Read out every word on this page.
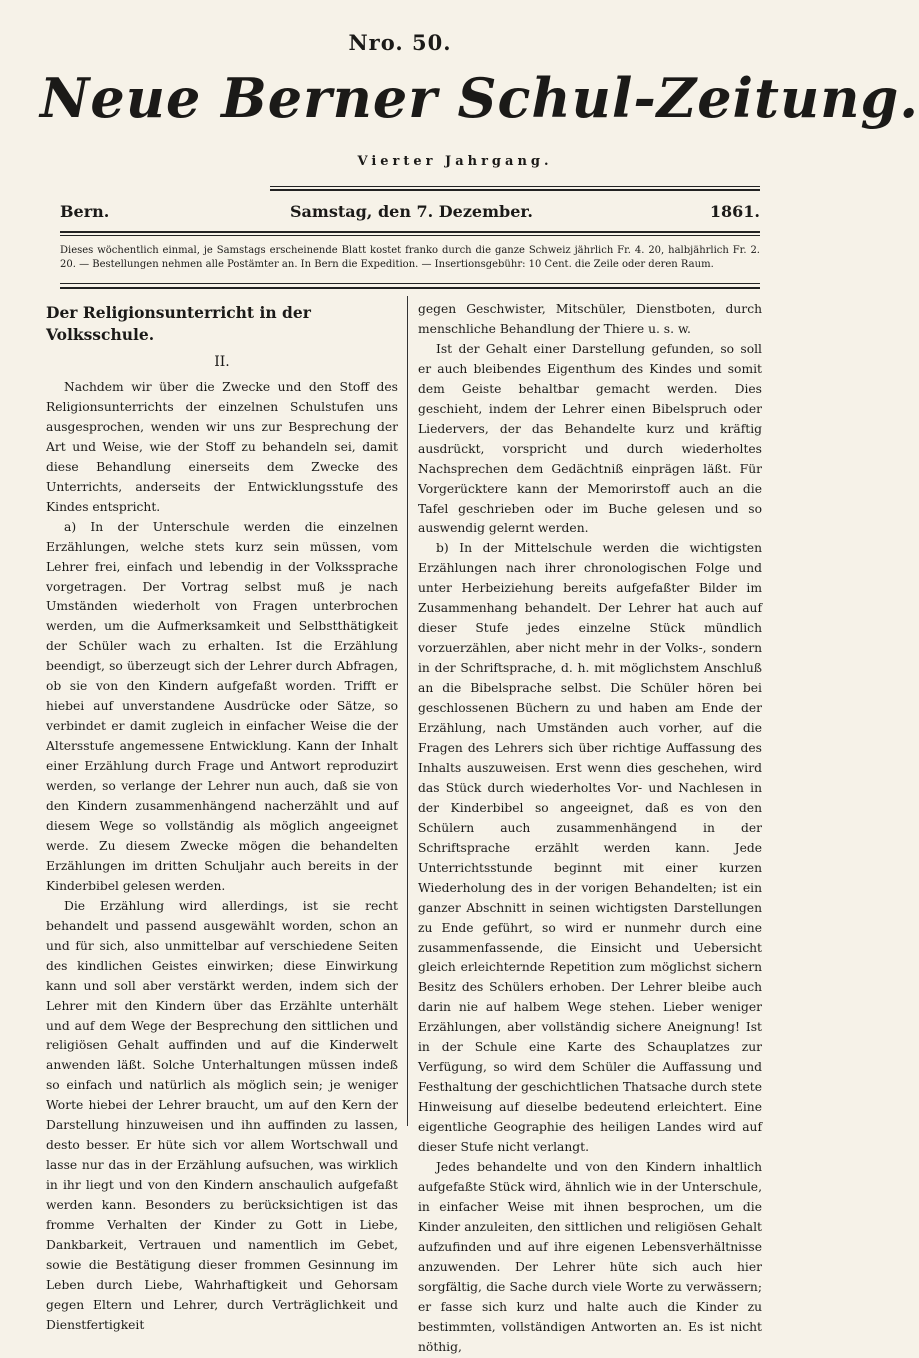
Nro. 50.
Neue Berner Schul-Zeitung.
Vierter Jahrgang.
Bern.	Samstag, den 7. Dezember.	1861.
Dieses wöchentlich einmal, je Samstags erscheinende Blatt kostet franko durch die ganze Schweiz jährlich Fr. 4. 20, halbjährlich Fr. 2. 20. — Bestellungen nehmen alle Postämter an. In Bern die Expedition. — Insertionsgebühr: 10 Cent. die Zeile oder deren Raum.
Der Religionsunterricht in der Volksschule.
II.

Nachdem wir über die Zwecke und den Stoff des Religionsunterrichts der einzelnen Schulstufen uns ausgesprochen, wenden wir uns zur Besprechung der Art und Weise, wie der Stoff zu behandeln sei, damit diese Behandlung einerseits dem Zwecke des Unterrichts, anderseits der Entwicklungsstufe des Kindes entspricht.

a) In der Unterschule werden die einzelnen Erzählungen, welche stets kurz sein müssen, vom Lehrer frei, einfach und lebendig in der Volkssprache vorgetragen. Der Vortrag selbst muß je nach Umständen wiederholt von Fragen unterbrochen werden, um die Aufmerksamkeit und Selbstthätigkeit der Schüler wach zu erhalten. Ist die Erzählung beendigt, so überzeugt sich der Lehrer durch Abfragen, ob sie von den Kindern aufgefaßt worden. Trifft er hiebei auf unverstandene Ausdrücke oder Sätze, so verbindet er damit zugleich in einfacher Weise die der Altersstufe angemessene Entwicklung. Kann der Inhalt einer Erzählung durch Frage und Antwort reproduzirt werden, so verlange der Lehrer nun auch, daß sie von den Kindern zusammenhängend nacherzählt und auf diesem Wege so vollständig als möglich angeeignet werde. Zu diesem Zwecke mögen die behandelten Erzählungen im dritten Schuljahr auch bereits in der Kinderbibel gelesen werden.

Die Erzählung wird allerdings, ist sie recht behandelt und passend ausgewählt worden, schon an und für sich, also unmittelbar auf verschiedene Seiten des kindlichen Geistes einwirken; diese Einwirkung kann und soll aber verstärkt werden, indem sich der Lehrer mit den Kindern über das Erzählte unterhält und auf dem Wege der Besprechung den sittlichen und religiösen Gehalt auffinden und auf die Kinderwelt anwenden läßt. Solche Unterhaltungen müssen indeß so einfach und natürlich als möglich sein; je weniger Worte hiebei der Lehrer braucht, um auf den Kern der Darstellung hinzuweisen und ihn auffinden zu lassen, desto besser. Er hüte sich vor allem Wortschwall und lasse nur das in der Erzählung aufsuchen, was wirklich in ihr liegt und von den Kindern anschaulich aufgefaßt werden kann. Besonders zu berücksichtigen ist das fromme Verhalten der Kinder zu Gott in Liebe, Dankbarkeit, Vertrauen und namentlich im Gebet, sowie die Bestätigung dieser frommen Gesinnung im Leben durch Liebe, Wahrhaftigkeit und Gehorsam gegen Eltern und Lehrer, durch Verträglichkeit und Dienstfertigkeit

gegen Geschwister, Mitschüler, Dienstboten, durch menschliche Behandlung der Thiere u. s. w.

Ist der Gehalt einer Darstellung gefunden, so soll er auch bleibendes Eigenthum des Kindes und somit dem Geiste behaltbar gemacht werden. Dies geschieht, indem der Lehrer einen Bibelspruch oder Liedervers, der das Behandelte kurz und kräftig ausdrückt, vorspricht und durch wiederholtes Nachsprechen dem Gedächtniß einprägen läßt. Für Vorgerücktere kann der Memorirstoff auch an die Tafel geschrieben oder im Buche gelesen und so auswendig gelernt werden.

b) In der Mittelschule werden die wichtigsten Erzählungen nach ihrer chronologischen Folge und unter Herbeiziehung bereits aufgefaßter Bilder im Zusammenhang behandelt. Der Lehrer hat auch auf dieser Stufe jedes einzelne Stück mündlich vorzuerzählen, aber nicht mehr in der Volks-, sondern in der Schriftsprache, d. h. mit möglichstem Anschluß an die Bibelsprache selbst. Die Schüler hören bei geschlossenen Büchern zu und haben am Ende der Erzählung, nach Umständen auch vorher, auf die Fragen des Lehrers sich über richtige Auffassung des Inhalts auszuweisen. Erst wenn dies geschehen, wird das Stück durch wiederholtes Vor- und Nachlesen in der Kinderbibel so angeeignet, daß es von den Schülern auch zusammenhängend in der Schriftsprache erzählt werden kann. Jede Unterrichtsstunde beginnt mit einer kurzen Wiederholung des in der vorigen Behandelten; ist ein ganzer Abschnitt in seinen wichtigsten Darstellungen zu Ende geführt, so wird er nunmehr durch eine zusammenfassende, die Einsicht und Uebersicht gleich erleichternde Repetition zum möglichst sichern Besitz des Schülers erhoben. Der Lehrer bleibe auch darin nie auf halbem Wege stehen. Lieber weniger Erzählungen, aber vollständig sichere Aneignung! Ist in der Schule eine Karte des Schauplatzes zur Verfügung, so wird dem Schüler die Auffassung und Festhaltung der geschichtlichen Thatsache durch stete Hinweisung auf dieselbe bedeutend erleichtert. Eine eigentliche Geographie des heiligen Landes wird auf dieser Stufe nicht verlangt.

Jedes behandelte und von den Kindern inhaltlich aufgefaßte Stück wird, ähnlich wie in der Unterschule, in einfacher Weise mit ihnen besprochen, um die Kinder anzuleiten, den sittlichen und religiösen Gehalt aufzufinden und auf ihre eigenen Lebensverhältnisse anzuwenden. Der Lehrer hüte sich auch hier sorgfältig, die Sache durch viele Worte zu verwässern; er fasse sich kurz und halte auch die Kinder zu bestimmten, vollständigen Antworten an. Es ist nicht nöthig,
